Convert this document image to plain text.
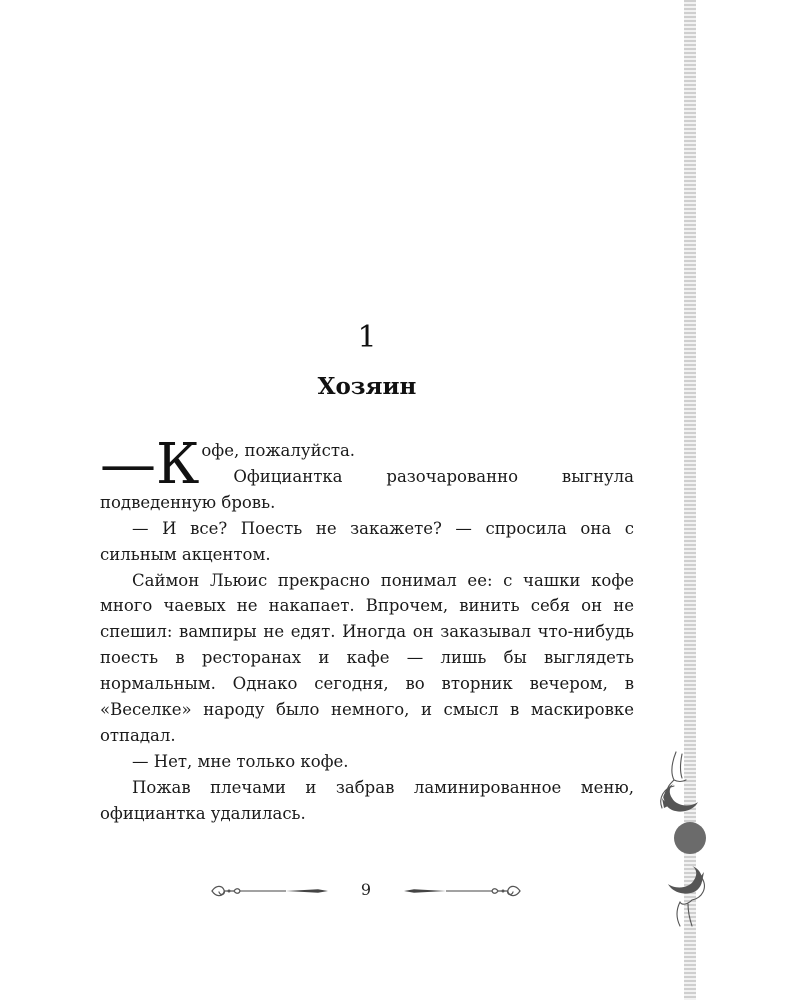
1
Хозяин

—К офе, пожалуйста.

Официантка разочарованно выгнула подведенную бровь.

— И все? Поесть не закажете? — спросила она с сильным акцентом.

Саймон Льюис прекрасно понимал ее: с чашки кофе много чаевых не накапает. Впрочем, винить себя он не спешил: вампиры не едят. Иногда он заказывал что-нибудь поесть в ресторанах и кафе — лишь бы выглядеть нормальным. Однако сегодня, во вторник вечером, в «Веселке» народу было немного, и смысл в маскировке отпадал.

— Нет, мне только кофе.

Пожав плечами и забрав ламинированное меню, официантка удалилась.

9
